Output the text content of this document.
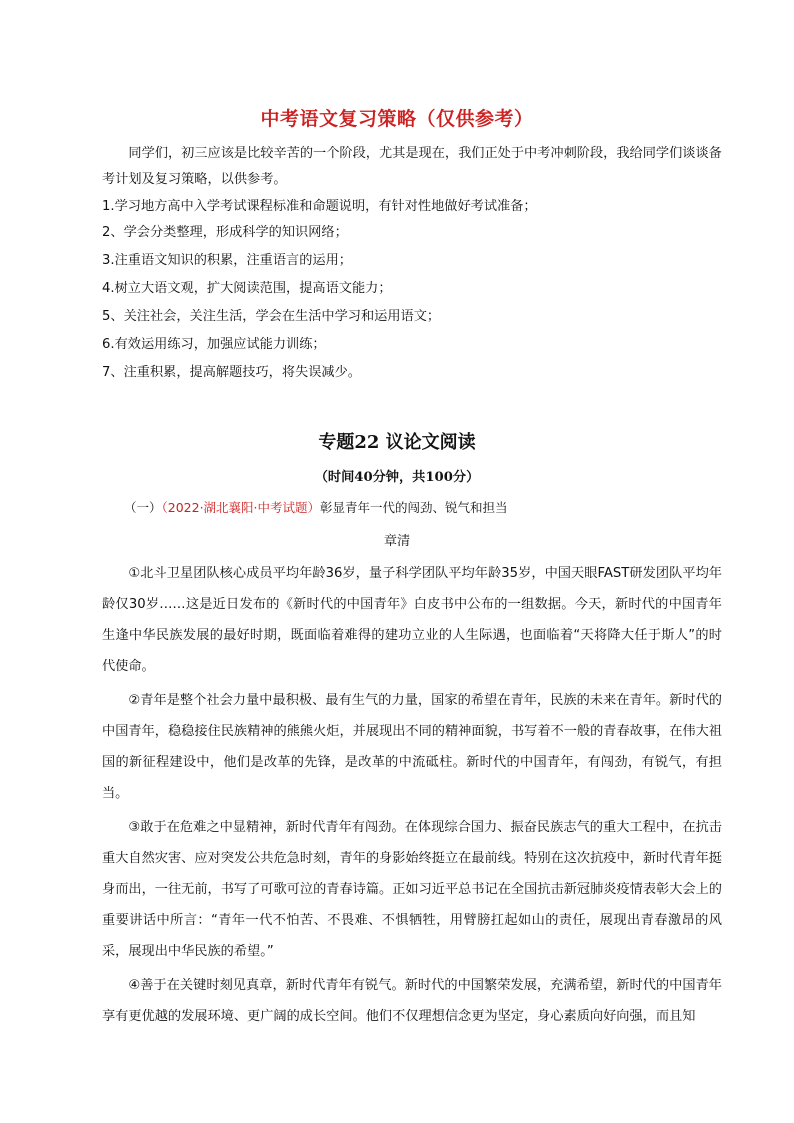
中考语文复习策略（仅供参考）
同学们，初三应该是比较辛苦的一个阶段，尤其是现在，我们正处于中考冲刺阶段，我给同学们谈谈备考计划及复习策略，以供参考。
1.学习地方高中入学考试课程标准和命题说明，有针对性地做好考试准备；
2、学会分类整理，形成科学的知识网络；
3.注重语文知识的积累，注重语言的运用；
4.树立大语文观，扩大阅读范围，提高语文能力；
5、关注社会，关注生活，学会在生活中学习和运用语文；
6.有效运用练习，加强应试能力训练；
7、注重积累，提高解题技巧，将失误减少。
专题22 议论文阅读
（时间40分钟，共100分）
（一）（2022·湖北襄阳·中考试题）彰显青年一代的闯劲、锐气和担当
章清

①北斗卫星团队核心成员平均年龄36岁，量子科学团队平均年龄35岁，中国天眼FAST研发团队平均年龄仅30岁……这是近日发布的《新时代的中国青年》白皮书中公布的一组数据。今天，新时代的中国青年生逢中华民族发展的最好时期，既面临着难得的建功立业的人生际遇，也面临着“天将降大任于斯人”的时代使命。

②青年是整个社会力量中最积极、最有生气的力量，国家的希望在青年，民族的未来在青年。新时代的中国青年，稳稳接住民族精神的熊熊火炬，并展现出不同的精神面貌，书写着不一般的青春故事，在伟大祖国的新征程建设中，他们是改革的先锋，是改革的中流砥柱。新时代的中国青年，有闯劲，有锐气，有担当。

③敢于在危难之中显精神，新时代青年有闯劲。在体现综合国力、振奋民族志气的重大工程中，在抗击重大自然灾害、应对突发公共危急时刻，青年的身影始终挺立在最前线。特别在这次抗疫中，新时代青年挺身而出，一往无前，书写了可歌可泣的青春诗篇。正如习近平总书记在全国抗击新冠肺炎疫情表彰大会上的重要讲话中所言：“青年一代不怕苦、不畏难、不惧牺牲，用臂膀扛起如山的责任，展现出青春激昂的风采，展现出中华民族的希望。”

④善于在关键时刻见真章，新时代青年有锐气。新时代的中国繁荣发展，充满希望，新时代的中国青年享有更优越的发展环境、更广阔的成长空间。他们不仅理想信念更为坚定，身心素质向好向强，而且知
